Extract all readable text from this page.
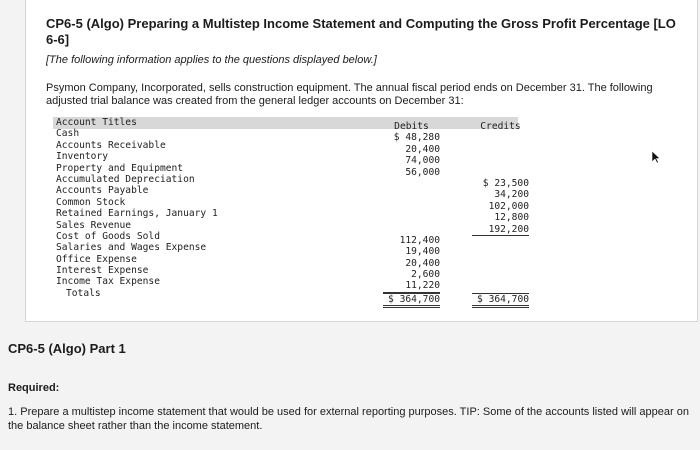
CP6-5 (Algo) Preparing a Multistep Income Statement and Computing the Gross Profit Percentage [LO 6-6]
[The following information applies to the questions displayed below.]
Psymon Company, Incorporated, sells construction equipment. The annual fiscal period ends on December 31. The following adjusted trial balance was created from the general ledger accounts on December 31:
Account Titles
Cash
Accounts Receivable
Inventory
Property and Equipment
Accumulated Depreciation
Accounts Payable
Common Stock
Retained Earnings, January 1
Sales Revenue
Cost of Goods Sold
Salaries and Wages Expense
Office Expense
Interest Expense
Income Tax Expense
Totals
Debits
$ 48,280
20,400
74,000
56,000
112,400
19,400
20,400
2,600
11,220
$ 364,700
Credits
$ 23,500
34,200
102,000
12,800
192,200
$ 364,700
CP6-5 (Algo) Part 1
Required:
1. Prepare a multistep income statement that would be used for external reporting purposes. TIP: Some of the accounts listed will appear on the balance sheet rather than the income statement.
